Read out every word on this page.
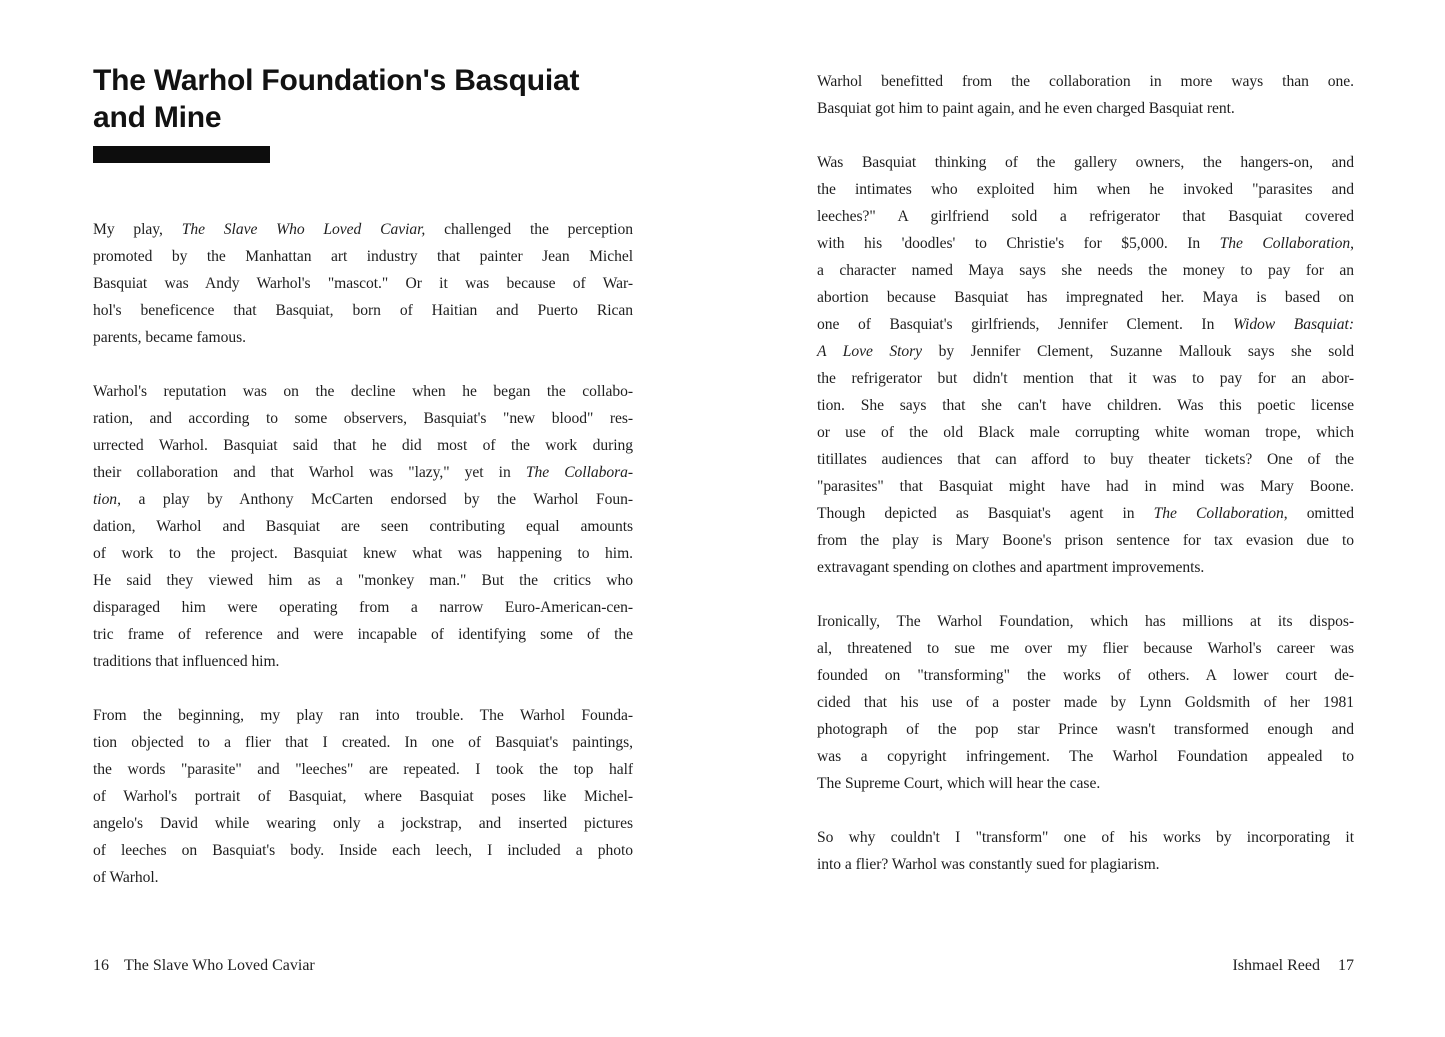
The Warhol Foundation's Basquiat
and Mine

My play, The Slave Who Loved Caviar, challenged the perception
promoted by the Manhattan art industry that painter Jean Michel
Basquiat was Andy Warhol's "mascot." Or it was because of War-
hol's beneficence that Basquiat, born of Haitian and Puerto Rican
parents, became famous.

Warhol's reputation was on the decline when he began the collabo-
ration, and according to some observers, Basquiat's "new blood" res-
urrected Warhol. Basquiat said that he did most of the work during
their collaboration and that Warhol was "lazy," yet in The Collabora-
tion, a play by Anthony McCarten endorsed by the Warhol Foun-
dation, Warhol and Basquiat are seen contributing equal amounts
of work to the project. Basquiat knew what was happening to him.
He said they viewed him as a "monkey man." But the critics who
disparaged him were operating from a narrow Euro-American-cen-
tric frame of reference and were incapable of identifying some of the
traditions that influenced him.

From the beginning, my play ran into trouble. The Warhol Founda-
tion objected to a flier that I created. In one of Basquiat's paintings,
the words "parasite" and "leeches" are repeated. I took the top half
of Warhol's portrait of Basquiat, where Basquiat poses like Michel-
angelo's David while wearing only a jockstrap, and inserted pictures
of leeches on Basquiat's body. Inside each leech, I included a photo
of Warhol.

16 The Slave Who Loved Caviar

Warhol benefitted from the collaboration in more ways than one.
Basquiat got him to paint again, and he even charged Basquiat rent.

Was Basquiat thinking of the gallery owners, the hangers-on, and
the intimates who exploited him when he invoked "parasites and
leeches?" A girlfriend sold a refrigerator that Basquiat covered
with his 'doodles' to Christie's for $5,000. In The Collaboration,
a character named Maya says she needs the money to pay for an
abortion because Basquiat has impregnated her. Maya is based on
one of Basquiat's girlfriends, Jennifer Clement. In Widow Basquiat:
A Love Story by Jennifer Clement, Suzanne Mallouk says she sold
the refrigerator but didn't mention that it was to pay for an abor-
tion. She says that she can't have children. Was this poetic license
or use of the old Black male corrupting white woman trope, which
titillates audiences that can afford to buy theater tickets? One of the
"parasites" that Basquiat might have had in mind was Mary Boone.
Though depicted as Basquiat's agent in The Collaboration, omitted
from the play is Mary Boone's prison sentence for tax evasion due to
extravagant spending on clothes and apartment improvements.

Ironically, The Warhol Foundation, which has millions at its dispos-
al, threatened to sue me over my flier because Warhol's career was
founded on "transforming" the works of others. A lower court de-
cided that his use of a poster made by Lynn Goldsmith of her 1981
photograph of the pop star Prince wasn't transformed enough and
was a copyright infringement. The Warhol Foundation appealed to
The Supreme Court, which will hear the case.

So why couldn't I "transform" one of his works by incorporating it
into a flier? Warhol was constantly sued for plagiarism.

Ishmael Reed 17
